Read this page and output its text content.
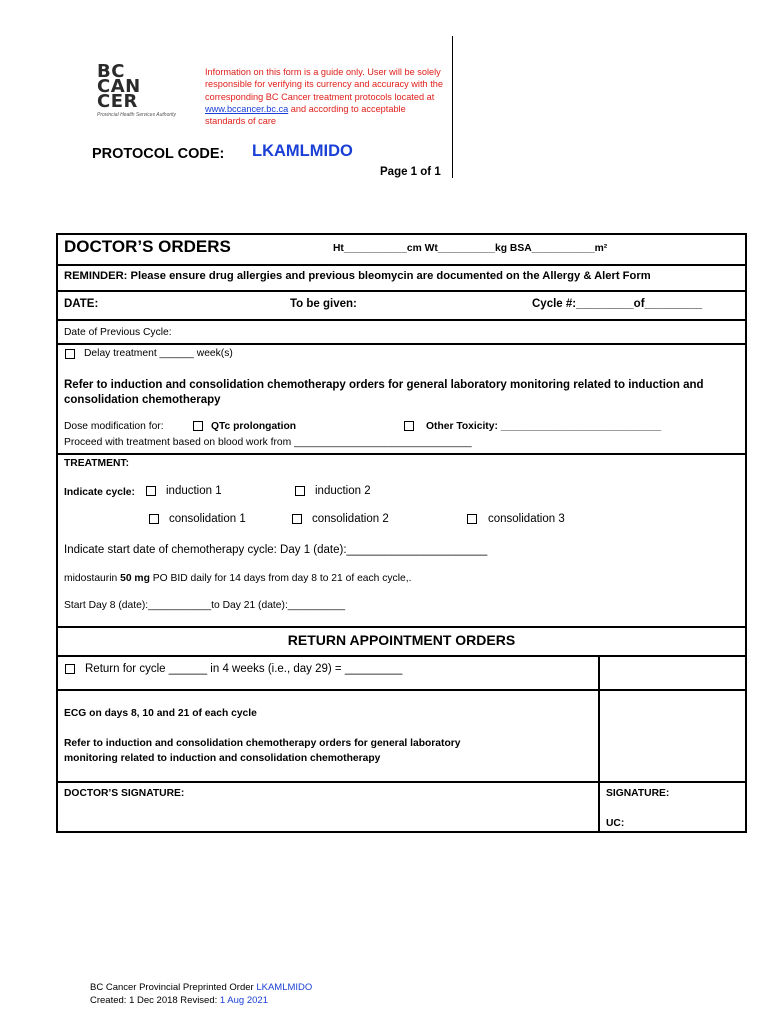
BC
CAN
CER
Provincial Health Services Authority
Information on this form is a guide only. User will be solely responsible for verifying its currency and accuracy with the corresponding BC Cancer treatment protocols located at www.bccancer.bc.ca and according to acceptable standards of care
PROTOCOL CODE: LKAMLMIDO
Page 1 of 1
DOCTOR’S ORDERS	Ht___________cm Wt__________kg BSA___________m²
REMINDER: Please ensure drug allergies and previous bleomycin are documented on the Allergy & Alert Form
DATE:	To be given:	Cycle #:_________of_________
Date of Previous Cycle:
Delay treatment ______ week(s)
Refer to induction and consolidation chemotherapy orders for general laboratory monitoring related to induction and consolidation chemotherapy
Dose modification for:	QTc prolongation	Other Toxicity: ____________________________
Proceed with treatment based on blood work from _______________________________
TREATMENT:
Indicate cycle:	induction 1	induction 2
consolidation 1	consolidation 2	consolidation 3
Indicate start date of chemotherapy cycle: Day 1 (date):______________________
midostaurin 50 mg PO BID daily for 14 days from day 8 to 21 of each cycle,.
Start Day 8 (date):___________to Day 21 (date):__________
RETURN APPOINTMENT ORDERS
Return for cycle ______ in 4 weeks (i.e., day 29) = _________
ECG on days 8, 10 and 21 of each cycle
Refer to induction and consolidation chemotherapy orders for general laboratory
monitoring related to induction and consolidation chemotherapy
DOCTOR’S SIGNATURE:	SIGNATURE:
UC:
BC Cancer Provincial Preprinted Order LKAMLMIDO
Created: 1 Dec 2018 Revised: 1 Aug 2021
